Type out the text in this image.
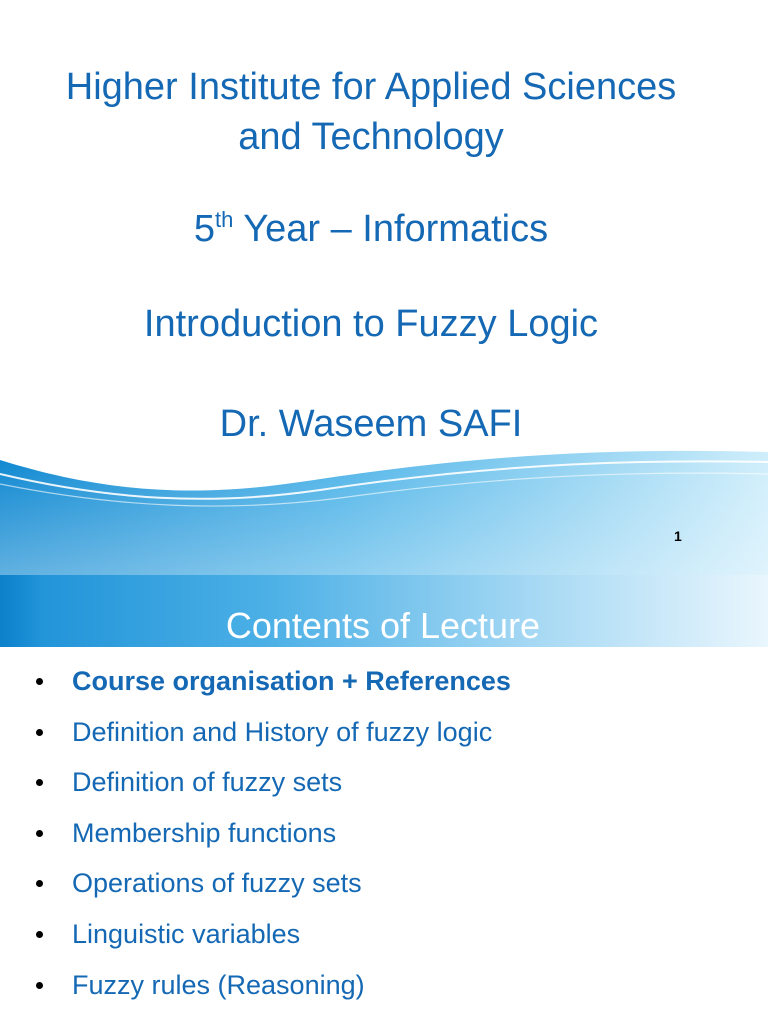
Higher Institute for Applied Sciences
and Technology
5th Year – Informatics
Introduction to Fuzzy Logic
Dr. Waseem SAFI
1
Contents of Lecture
Course organisation + References
Definition and History of fuzzy logic
Definition of fuzzy sets
Membership functions
Operations of fuzzy sets
Linguistic variables
Fuzzy rules (Reasoning)
